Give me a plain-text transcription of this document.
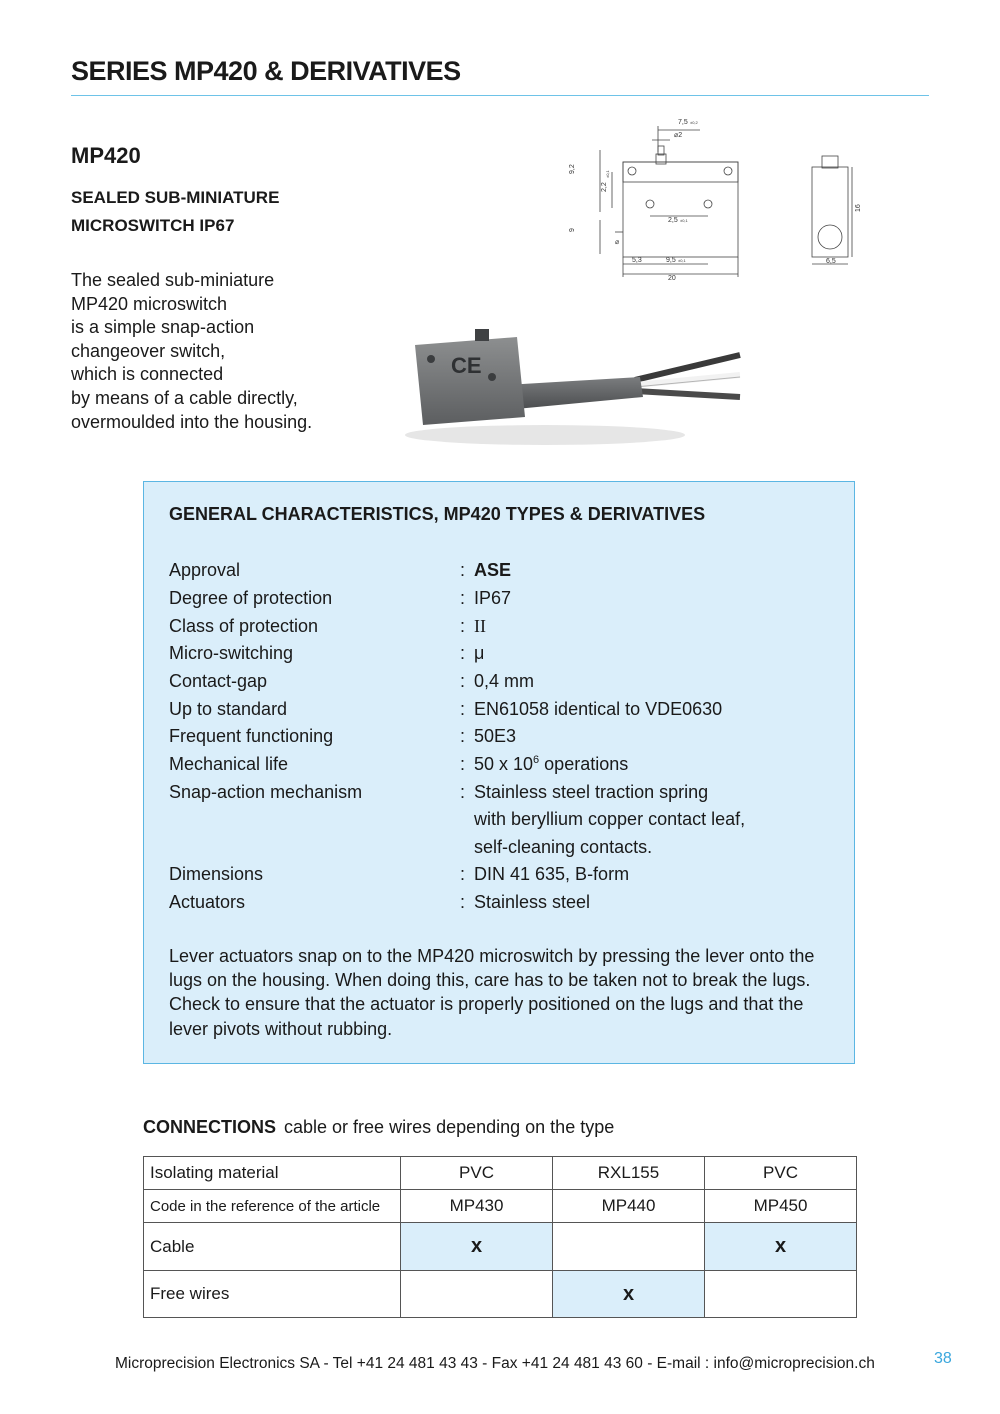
SERIES MP420 & DERIVATIVES
MP420
SEALED SUB-MINIATURE
MICROSWITCH IP67
The sealed sub-miniature
MP420 microswitch
is a simple snap-action
changeover switch,
which is connected
by means of a cable directly,
overmoulded into the housing.
7,5 ±0,2
⌀2
9,2
2,2
±0,1
9
⌀
2,5 ±0,1
5,3	9,5 ±0,1
20
16
6,5
CE
GENERAL CHARACTERISTICS, MP420 TYPES & DERIVATIVES
Approval	: ASE
Degree of protection	: IP67
Class of protection	: II
Micro-switching	: μ
Contact-gap	: 0,4 mm
Up to standard	: EN61058 identical to VDE0630
Frequent functioning	: 50E3
Mechanical life	: 50 x $10^6$ operations
Snap-action mechanism	: Stainless steel traction spring
with beryllium copper contact leaf,
self-cleaning contacts.
Dimensions	: DIN 41 635, B-form
Actuators	: Stainless steel
Lever actuators snap on to the MP420 microswitch by pressing the lever onto the lugs on the housing. When doing this, care has to be taken not to break the lugs. Check to ensure that the actuator is properly positioned on the lugs and that the lever pivots without rubbing.
CONNECTIONS cable or free wires depending on the type
Isolating material	PVC	RXL155	PVC
Code in the reference of the article	MP430	MP440	MP450
Cable	x		x
Free wires		x	
Microprecision Electronics SA - Tel +41 24 481 43 43 - Fax +41 24 481 43 60 - E-mail : info@microprecision.ch	38
